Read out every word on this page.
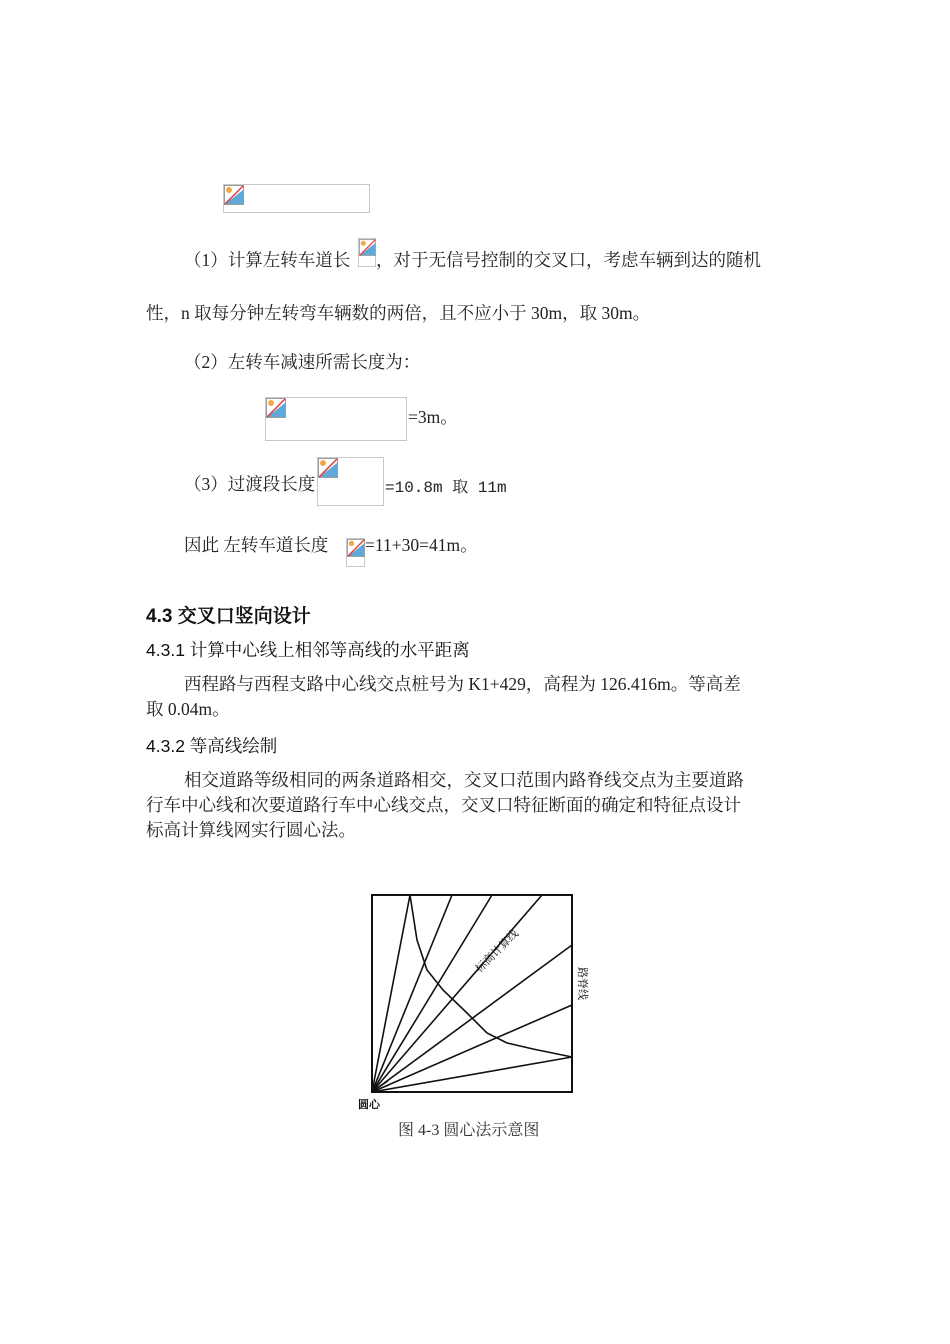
（1）计算左转车道长 ，对于无信号控制的交叉口，考虑车辆到达的随机
性，n 取每分钟左转弯车辆数的两倍，且不应小于 30m，取 30m。
（2）左转车减速所需长度为：
=3m。
（3）过渡段长度	=10.8m 取 11m
因此 左转车道长度 =11+30=41m。
4.3 交叉口竖向设计
4.3.1 计算中心线上相邻等高线的水平距离
西程路与西程支路中心线交点桩号为 K1+429，高程为 126.416m。等高差
取 0.04m。
4.3.2 等高线绘制
相交道路等级相同的两条道路相交，交叉口范围内路脊线交点为主要道路
行车中心线和次要道路行车中心线交点，交叉口特征断面的确定和特征点设计
标高计算线网实行圆心法。
标高计算线
路脊线
圆心
图 4-3 圆心法示意图
